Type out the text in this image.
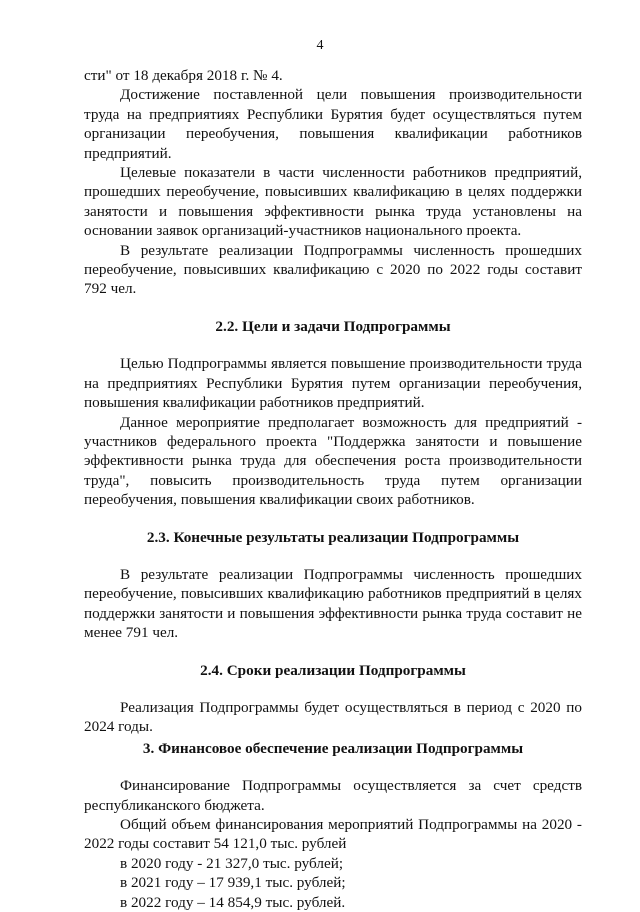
4

сти" от 18 декабря 2018 г. № 4.

Достижение поставленной цели повышения производительности труда на предприятиях Республики Бурятия будет осуществляться путем организации переобучения, повышения квалификации работников предприятий.

Целевые показатели в части численности работников предприятий, прошедших переобучение, повысивших квалификацию в целях поддержки занятости и повышения эффективности рынка труда установлены на основании заявок организаций-участников национального проекта.

В результате реализации Подпрограммы численность прошедших переобучение, повысивших квалификацию с 2020 по 2022 годы составит 792 чел.

2.2. Цели и задачи Подпрограммы

Целью Подпрограммы является повышение производительности труда на предприятиях Республики Бурятия путем организации переобучения, повышения квалификации работников предприятий.

Данное мероприятие предполагает возможность для предприятий - участников федерального проекта "Поддержка занятости и повышение эффективности рынка труда для обеспечения роста производительности труда", повысить производительность труда путем организации переобучения, повышения квалификации своих работников.

2.3. Конечные результаты реализации Подпрограммы

В результате реализации Подпрограммы численность прошедших переобучение, повысивших квалификацию работников предприятий в целях поддержки занятости и повышения эффективности рынка труда составит не менее 791 чел.

2.4. Сроки реализации Подпрограммы

Реализация Подпрограммы будет осуществляться в период с 2020 по 2024 годы.

3. Финансовое обеспечение реализации Подпрограммы

Финансирование Подпрограммы осуществляется за счет средств республиканского бюджета.

Общий объем финансирования мероприятий Подпрограммы на 2020 - 2022 годы составит 54 121,0 тыс. рублей

в 2020 году - 21 327,0 тыс. рублей;
в 2021 году – 17 939,1 тыс. рублей;
в 2022 году – 14 854,9 тыс. рублей.
